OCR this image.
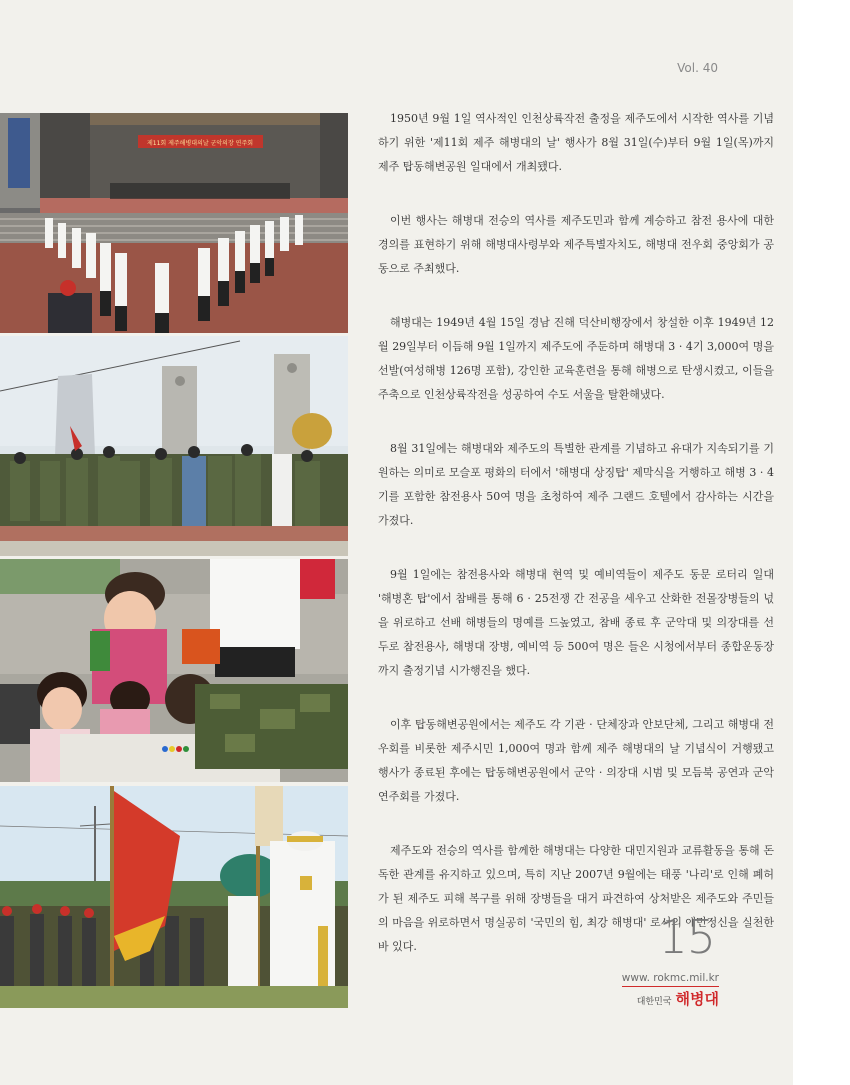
Vol. 40
제11회 제주해병대의날 군악의장 연주회

1950년 9월 1일 역사적인 인천상륙작전 출정을 제주도에서 시작한 역사를 기념하기 위한 '제11회 제주 해병대의 날' 행사가 8월 31일(수)부터 9월 1일(목)까지 제주 탑동해변공원 일대에서 개최됐다.

이번 행사는 해병대 전승의 역사를 제주도민과 함께 계승하고 참전 용사에 대한 경의를 표현하기 위해 해병대사령부와 제주특별자치도, 해병대 전우회 중앙회가 공동으로 주최했다.

해병대는 1949년 4월 15일 경남 진해 덕산비행장에서 창설한 이후 1949년 12월 29일부터 이듬해 9월 1일까지 제주도에 주둔하며 해병대 3 · 4기 3,000여 명을 선발(여성해병 126명 포함), 강인한 교육훈련을 통해 해병으로 탄생시켰고, 이들을 주축으로 인천상륙작전을 성공하여 수도 서울을 탈환해냈다.

8월 31일에는 해병대와 제주도의 특별한 관계를 기념하고 유대가 지속되기를 기원하는 의미로 모슬포 평화의 터에서 '해병대 상징탑' 제막식을 거행하고 해병 3 · 4기를 포함한 참전용사 50여 명을 초청하여 제주 그랜드 호텔에서 감사하는 시간을 가졌다.

9월 1일에는 참전용사와 해병대 현역 및 예비역들이 제주도 동문 로터리 일대 '해병혼 탑'에서 참배를 통해 6 · 25전쟁 간 전공을 세우고 산화한 전몰장병들의 넋을 위로하고 선배 해병들의 명예를 드높였고, 참배 종료 후 군악대 및 의장대를 선두로 참전용사, 해병대 장병, 예비역 등 500여 명은 들은 시청에서부터 종합운동장까지 출정기념 시가행진을 했다.

이후 탑동해변공원에서는 제주도 각 기관 · 단체장과 안보단체, 그리고 해병대 전우회를 비롯한 제주시민 1,000여 명과 함께 제주 해병대의 날 기념식이 거행됐고 행사가 종료된 후에는 탑동해변공원에서 군악 · 의장대 시범 및 모듬북 공연과 군악연주회를 가졌다.

제주도와 전승의 역사를 함께한 해병대는 다양한 대민지원과 교류활동을 통해 돈독한 관계를 유지하고 있으며, 특히 지난 2007년 9월에는 태풍 '나리'로 인해 폐허가 된 제주도 피해 복구를 위해 장병들을 대거 파견하여 상처받은 제주도와 주민들의 마음을 위로하면서 명실공히 '국민의 힘, 최강 해병대' 로서의 애민정신을 실천한 바 있다.	15
www. rokmc.mil.kr
대한민국 해병대
